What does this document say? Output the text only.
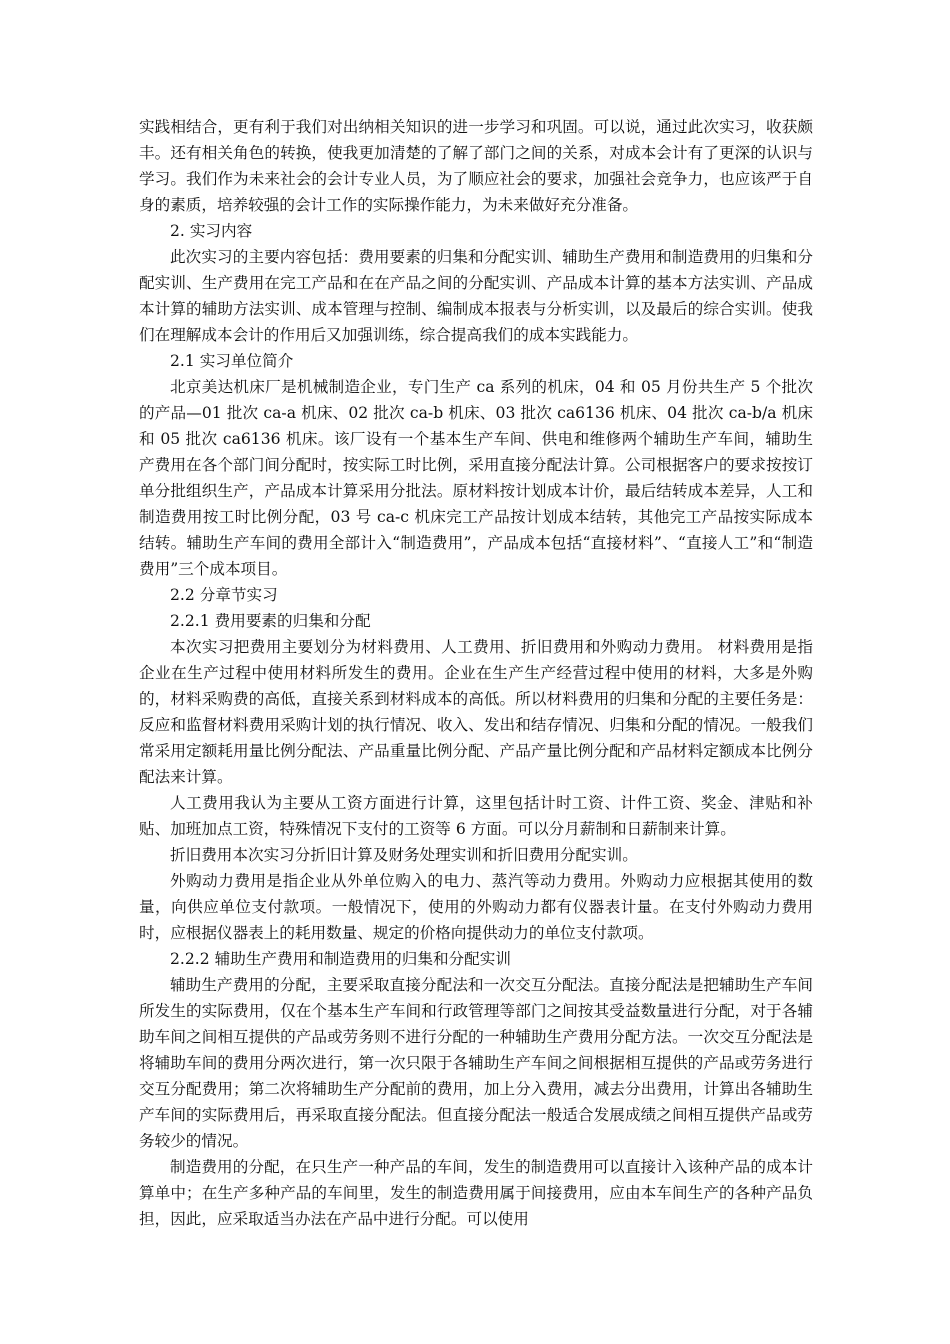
实践相结合，更有利于我们对出纳相关知识的进一步学习和巩固。可以说，通过此次实习，收获颇丰。还有相关角色的转换，使我更加清楚的了解了部门之间的关系，对成本会计有了更深的认识与学习。我们作为未来社会的会计专业人员，为了顺应社会的要求，加强社会竞争力，也应该严于自身的素质，培养较强的会计工作的实际操作能力，为未来做好充分准备。

2. 实习内容

此次实习的主要内容包括：费用要素的归集和分配实训、辅助生产费用和制造费用的归集和分配实训、生产费用在完工产品和在在产品之间的分配实训、产品成本计算的基本方法实训、产品成本计算的辅助方法实训、成本管理与控制、编制成本报表与分析实训，以及最后的综合实训。使我们在理解成本会计的作用后又加强训练，综合提高我们的成本实践能力。

2.1 实习单位简介

北京美达机床厂是机械制造企业，专门生产 ca 系列的机床，04 和 05 月份共生产 5 个批次的产品—01 批次 ca-a 机床、02 批次 ca-b 机床、03 批次 ca6136 机床、04 批次 ca-b/a 机床和 05 批次 ca6136 机床。该厂设有一个基本生产车间、供电和维修两个辅助生产车间，辅助生产费用在各个部门间分配时，按实际工时比例，采用直接分配法计算。公司根据客户的要求按按订单分批组织生产，产品成本计算采用分批法。原材料按计划成本计价，最后结转成本差异，人工和制造费用按工时比例分配，03 号 ca-c 机床完工产品按计划成本结转，其他完工产品按实际成本结转。辅助生产车间的费用全部计入“制造费用”，产品成本包括“直接材料”、“直接人工”和“制造费用”三个成本项目。

2.2 分章节实习

2.2.1 费用要素的归集和分配

本次实习把费用主要划分为材料费用、人工费用、折旧费用和外购动力费用。 材料费用是指企业在生产过程中使用材料所发生的费用。企业在生产生产经营过程中使用的材料，大多是外购的，材料采购费的高低，直接关系到材料成本的高低。所以材料费用的归集和分配的主要任务是：反应和监督材料费用采购计划的执行情况、收入、发出和结存情况、归集和分配的情况。一般我们常采用定额耗用量比例分配法、产品重量比例分配、产品产量比例分配和产品材料定额成本比例分配法来计算。

人工费用我认为主要从工资方面进行计算，这里包括计时工资、计件工资、奖金、津贴和补贴、加班加点工资，特殊情况下支付的工资等 6 方面。可以分月薪制和日薪制来计算。

折旧费用本次实习分折旧计算及财务处理实训和折旧费用分配实训。

外购动力费用是指企业从外单位购入的电力、蒸汽等动力费用。外购动力应根据其使用的数量，向供应单位支付款项。一般情况下，使用的外购动力都有仪器表计量。在支付外购动力费用时，应根据仪器表上的耗用数量、规定的价格向提供动力的单位支付款项。

2.2.2 辅助生产费用和制造费用的归集和分配实训

辅助生产费用的分配，主要采取直接分配法和一次交互分配法。直接分配法是把辅助生产车间所发生的实际费用，仅在个基本生产车间和行政管理等部门之间按其受益数量进行分配，对于各辅助车间之间相互提供的产品或劳务则不进行分配的一种辅助生产费用分配方法。一次交互分配法是将辅助车间的费用分两次进行，第一次只限于各辅助生产车间之间根据相互提供的产品或劳务进行交互分配费用；第二次将辅助生产分配前的费用，加上分入费用，减去分出费用，计算出各辅助生产车间的实际费用后，再采取直接分配法。但直接分配法一般适合发展成绩之间相互提供产品或劳务较少的情况。

制造费用的分配，在只生产一种产品的车间，发生的制造费用可以直接计入该种产品的成本计算单中；在生产多种产品的车间里，发生的制造费用属于间接费用，应由本车间生产的各种产品负担，因此，应采取适当办法在产品中进行分配。可以使用
